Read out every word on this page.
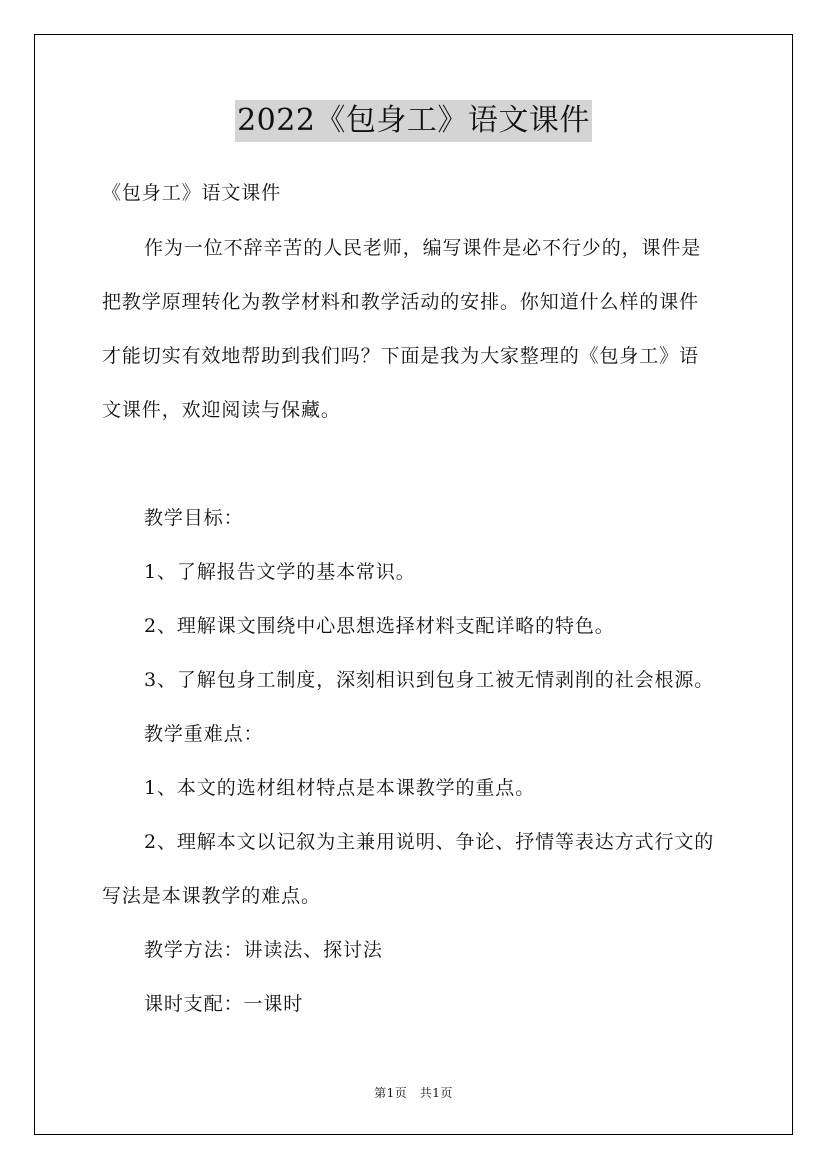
2022《包身工》语文课件
《包身工》语文课件
作为一位不辞辛苦的人民老师，编写课件是必不行少的，课件是
把教学原理转化为教学材料和教学活动的安排。你知道什么样的课件
才能切实有效地帮助到我们吗？下面是我为大家整理的《包身工》语
文课件，欢迎阅读与保藏。
教学目标：
1、了解报告文学的基本常识。
2、理解课文围绕中心思想选择材料支配详略的特色。
3、了解包身工制度，深刻相识到包身工被无情剥削的社会根源。
教学重难点：
1、本文的选材组材特点是本课教学的重点。
2、理解本文以记叙为主兼用说明、争论、抒情等表达方式行文的
写法是本课教学的难点。
教学方法：讲读法、探讨法
课时支配：一课时
第1页　共1页
